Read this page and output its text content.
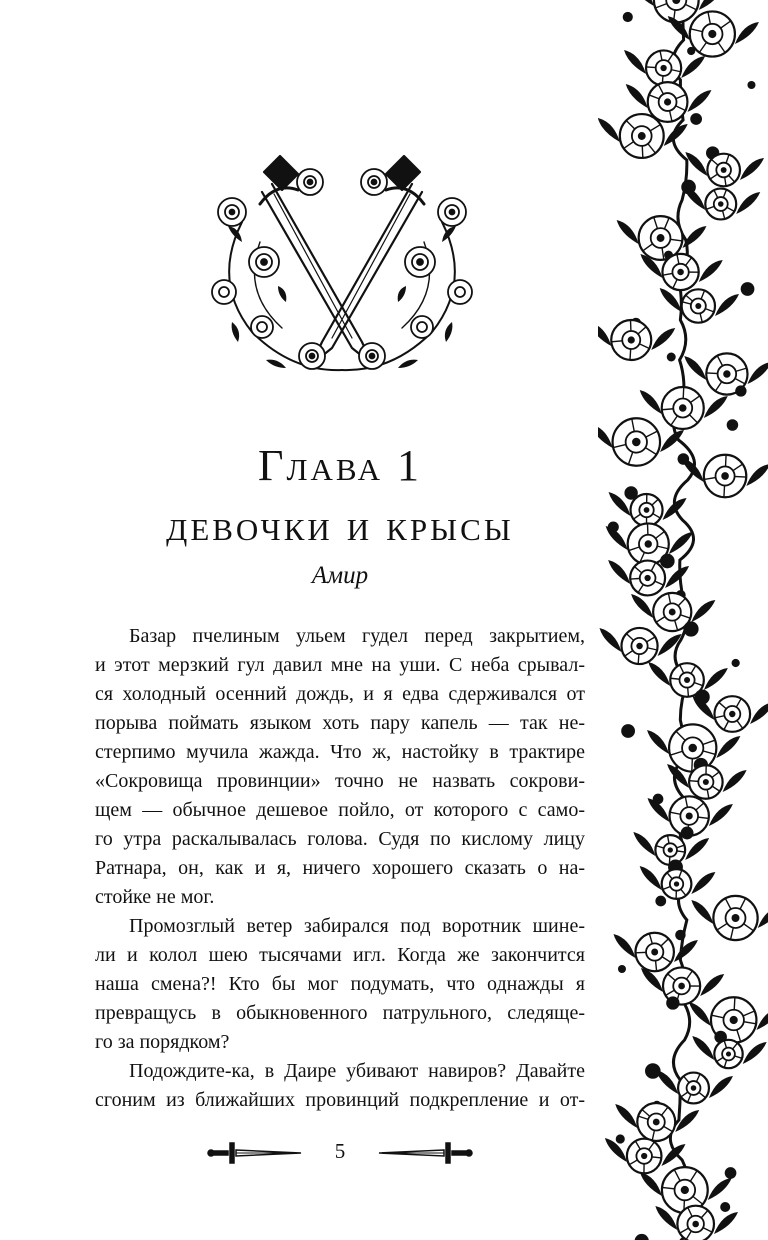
Глава 1
девочки и крысы
Амир
Базар пчелиным ульем гудел перед закрытием,
и этот мерзкий гул давил мне на уши. С неба срывал-
ся холодный осенний дождь, и я едва сдерживался от
порыва поймать языком хоть пару капель — так не-
стерпимо мучила жажда. Что ж, настойку в трактире
«Сокровища провинции» точно не назвать сокрови-
щем — обычное дешевое пойло, от которого с само-
го утра раскалывалась голова. Судя по кислому лицу
Ратнара, он, как и я, ничего хорошего сказать о на-
стойке не мог.
Промозглый ветер забирался под воротник шине-
ли и колол шею тысячами игл. Когда же закончится
наша смена?! Кто бы мог подумать, что однажды я
превращусь в обыкновенного патрульного, следяще-
го за порядком?
Подождите-ка, в Даире убивают навиров? Давайте
сгоним из ближайших провинций подкрепление и от-
5
